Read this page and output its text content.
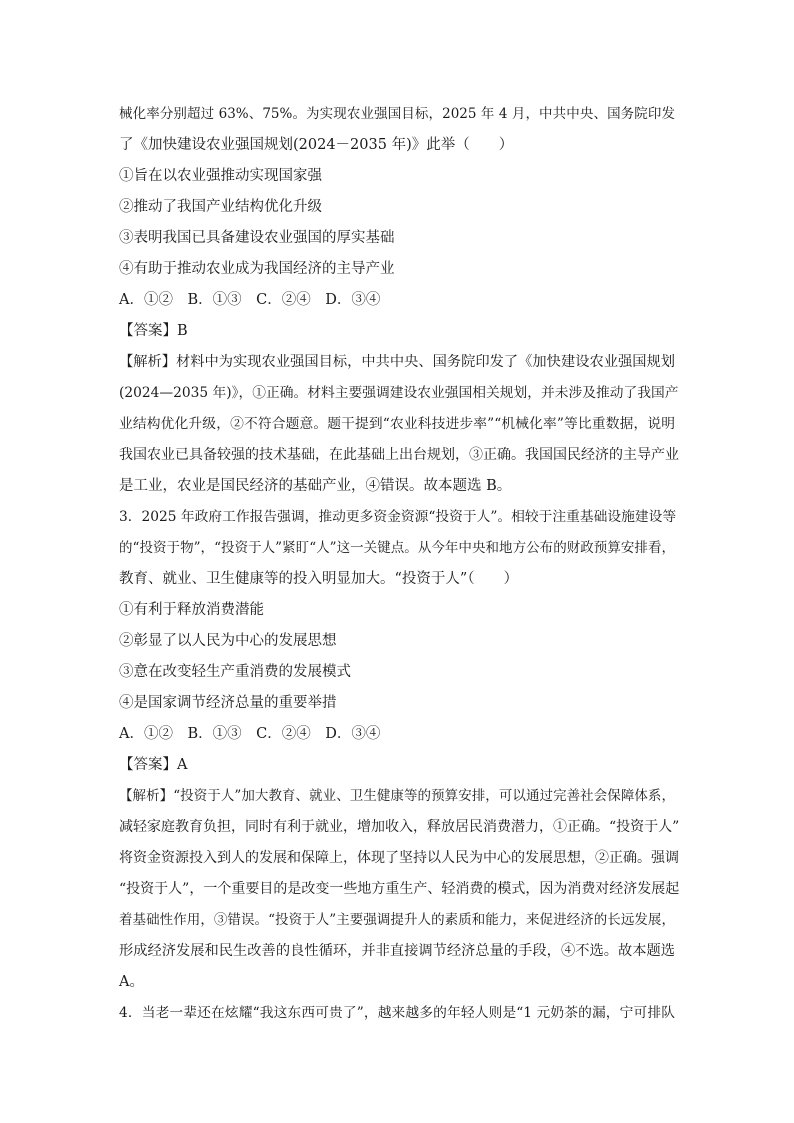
械化率分别超过 63%、75%。为实现农业强国目标，2025 年 4 月，中共中央、国务院印发
了《加快建设农业强国规划(2024－2035 年)》此举（　　）
①旨在以农业强推动实现国家强
②推动了我国产业结构优化升级
③表明我国已具备建设农业强国的厚实基础
④有助于推动农业成为我国经济的主导产业
A．①②　B．①③　C．②④　D．③④
【答案】B
【解析】材料中为实现农业强国目标，中共中央、国务院印发了《加快建设农业强国规划
(2024—2035 年)》，①正确。材料主要强调建设农业强国相关规划，并未涉及推动了我国产
业结构优化升级，②不符合题意。题干提到“农业科技进步率”“机械化率”等比重数据，说明
我国农业已具备较强的技术基础，在此基础上出台规划，③正确。我国国民经济的主导产业
是工业，农业是国民经济的基础产业，④错误。故本题选 B。
3．2025 年政府工作报告强调，推动更多资金资源“投资于人”。相较于注重基础设施建设等
的“投资于物”，“投资于人”紧盯“人”这一关键点。从今年中央和地方公布的财政预算安排看，
教育、就业、卫生健康等的投入明显加大。“投资于人”（　　）
①有利于释放消费潜能
②彰显了以人民为中心的发展思想
③意在改变轻生产重消费的发展模式
④是国家调节经济总量的重要举措
A．①②　B．①③　C．②④　D．③④
【答案】A
【解析】“投资于人”加大教育、就业、卫生健康等的预算安排，可以通过完善社会保障体系，
减轻家庭教育负担，同时有利于就业，增加收入，释放居民消费潜力，①正确。“投资于人”
将资金资源投入到人的发展和保障上，体现了坚持以人民为中心的发展思想，②正确。强调
“投资于人”，一个重要目的是改变一些地方重生产、轻消费的模式，因为消费对经济发展起
着基础性作用，③错误。“投资于人”主要强调提升人的素质和能力，来促进经济的长远发展，
形成经济发展和民生改善的良性循环，并非直接调节经济总量的手段，④不选。故本题选
A。
4．当老一辈还在炫耀“我这东西可贵了”，越来越多的年轻人则是“1 元奶茶的漏，宁可排队
